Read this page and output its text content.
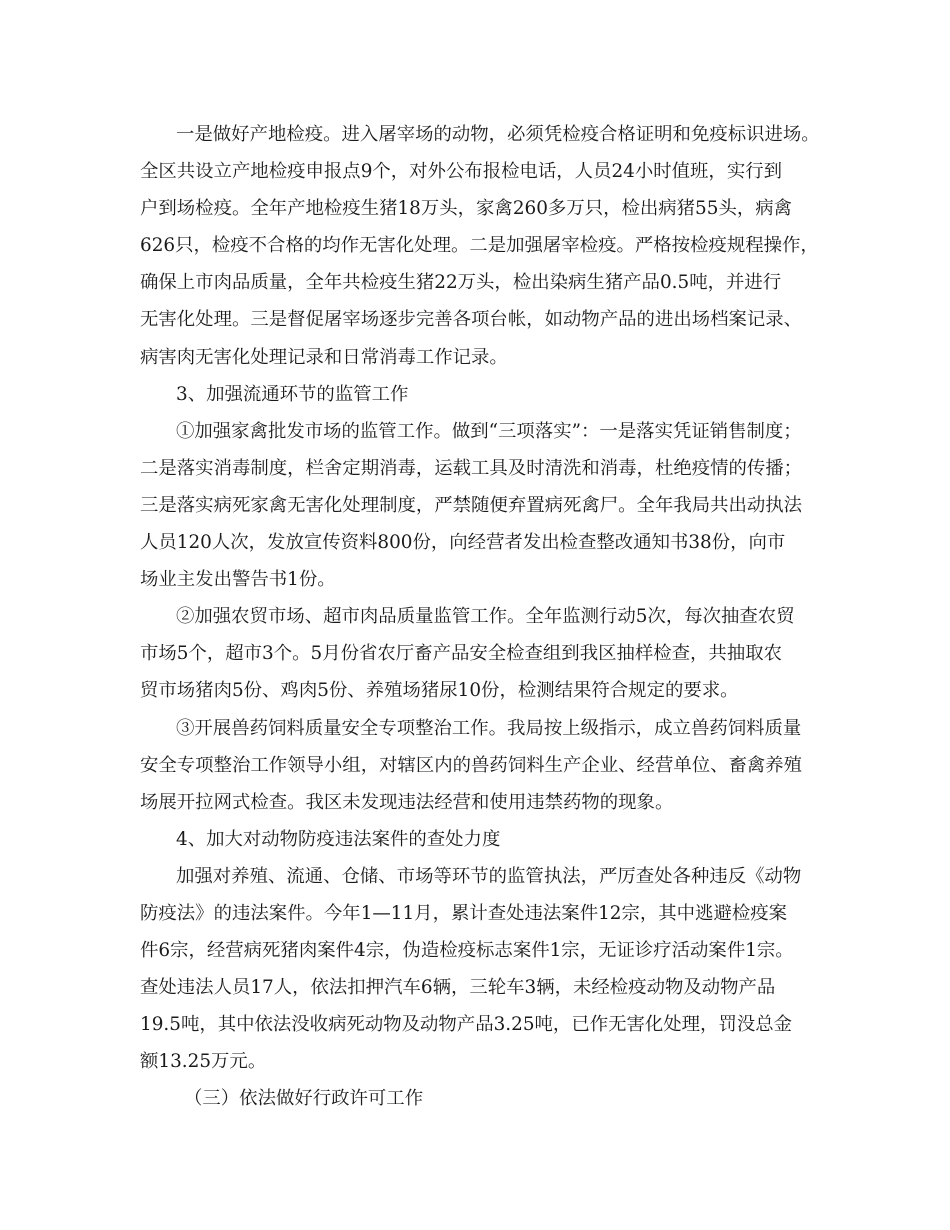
一是做好产地检疫。进入屠宰场的动物，必须凭检疫合格证明和免疫标识进场。
全区共设立产地检疫申报点9个，对外公布报检电话，人员24小时值班，实行到
户到场检疫。全年产地检疫生猪18万头，家禽260多万只，检出病猪55头，病禽
626只，检疫不合格的均作无害化处理。二是加强屠宰检疫。严格按检疫规程操作，
确保上市肉品质量，全年共检疫生猪22万头，检出染病生猪产品0.5吨，并进行
无害化处理。三是督促屠宰场逐步完善各项台帐，如动物产品的进出场档案记录、
病害肉无害化处理记录和日常消毒工作记录。
3、加强流通环节的监管工作
①加强家禽批发市场的监管工作。做到“三项落实”：一是落实凭证销售制度；
二是落实消毒制度，栏舍定期消毒，运载工具及时清洗和消毒，杜绝疫情的传播；
三是落实病死家禽无害化处理制度，严禁随便弃置病死禽尸。全年我局共出动执法
人员120人次，发放宣传资料800份，向经营者发出检查整改通知书38份，向市
场业主发出警告书1份。
②加强农贸市场、超市肉品质量监管工作。全年监测行动5次，每次抽查农贸
市场5个，超市3个。5月份省农厅畜产品安全检查组到我区抽样检查，共抽取农
贸市场猪肉5份、鸡肉5份、养殖场猪尿10份，检测结果符合规定的要求。
③开展兽药饲料质量安全专项整治工作。我局按上级指示，成立兽药饲料质量
安全专项整治工作领导小组，对辖区内的兽药饲料生产企业、经营单位、畜禽养殖
场展开拉网式检查。我区未发现违法经营和使用违禁药物的现象。
4、加大对动物防疫违法案件的查处力度
加强对养殖、流通、仓储、市场等环节的监管执法，严厉查处各种违反《动物
防疫法》的违法案件。今年1—11月，累计查处违法案件12宗，其中逃避检疫案
件6宗，经营病死猪肉案件4宗，伪造检疫标志案件1宗，无证诊疗活动案件1宗。
查处违法人员17人，依法扣押汽车6辆，三轮车3辆，未经检疫动物及动物产品
19.5吨，其中依法没收病死动物及动物产品3.25吨，已作无害化处理，罚没总金
额13.25万元。
（三）依法做好行政许可工作
